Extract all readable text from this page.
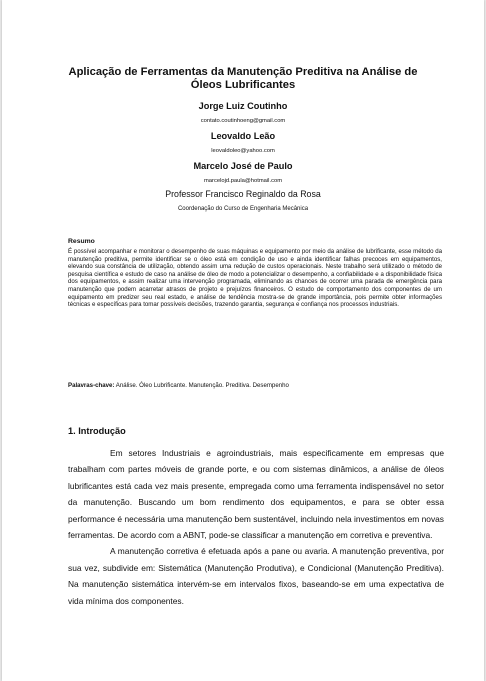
Aplicação de Ferramentas da Manutenção Preditiva na Análise de Óleos Lubrificantes
Jorge Luiz Coutinho
contato.coutinhoeng@gmail.com
Leovaldo Leão
leovaldoleo@yahoo.com
Marcelo José de Paulo
marcelojd.paula@hotmail.com
Professor Francisco Reginaldo da Rosa
Coordenação do Curso de Engenharia Mecânica
Resumo
É possível acompanhar e monitorar o desempenho de suas máquinas e equipamento por meio da análise de lubrificante, esse método da manutenção preditiva, permite identificar se o óleo está em condição de uso e ainda identificar falhas precoces em equipamentos, elevando sua constância de utilização, obtendo assim uma redução de custos operacionais. Neste trabalho será utilizado o método de pesquisa científica e estudo de caso na análise de óleo de modo a potencializar o desempenho, a confiabilidade e a disponibilidade física dos equipamentos, e assim realizar uma intervenção programada, eliminando as chances de ocorrer uma parada de emergência para manutenção que podem acarretar atrasos de projeto e prejuízos financeiros. O estudo de comportamento dos componentes de um equipamento em predizer seu real estado, e análise de tendência mostra-se de grande importância, pois permite obter informações técnicas e específicas para tomar possíveis decisões, trazendo garantia, segurança e confiança nos processos industriais.
Palavras-chave: Análise. Óleo Lubrificante. Manutenção. Preditiva. Desempenho
1. Introdução

Em setores Industriais e agroindustriais, mais especificamente em empresas que trabalham com partes móveis de grande porte, e ou com sistemas dinâmicos, a análise de óleos lubrificantes está cada vez mais presente, empregada como uma ferramenta indispensável no setor da manutenção. Buscando um bom rendimento dos equipamentos, e para se obter essa performance é necessária uma manutenção bem sustentável, incluindo nela investimentos em novas ferramentas. De acordo com a ABNT, pode-se classificar a manutenção em corretiva e preventiva.

A manutenção corretiva é efetuada após a pane ou avaria. A manutenção preventiva, por sua vez, subdivide em: Sistemática (Manutenção Produtiva), e Condicional (Manutenção Preditiva). Na manutenção sistemática intervém-se em intervalos fixos, baseando-se em uma expectativa de vida mínima dos componentes.
